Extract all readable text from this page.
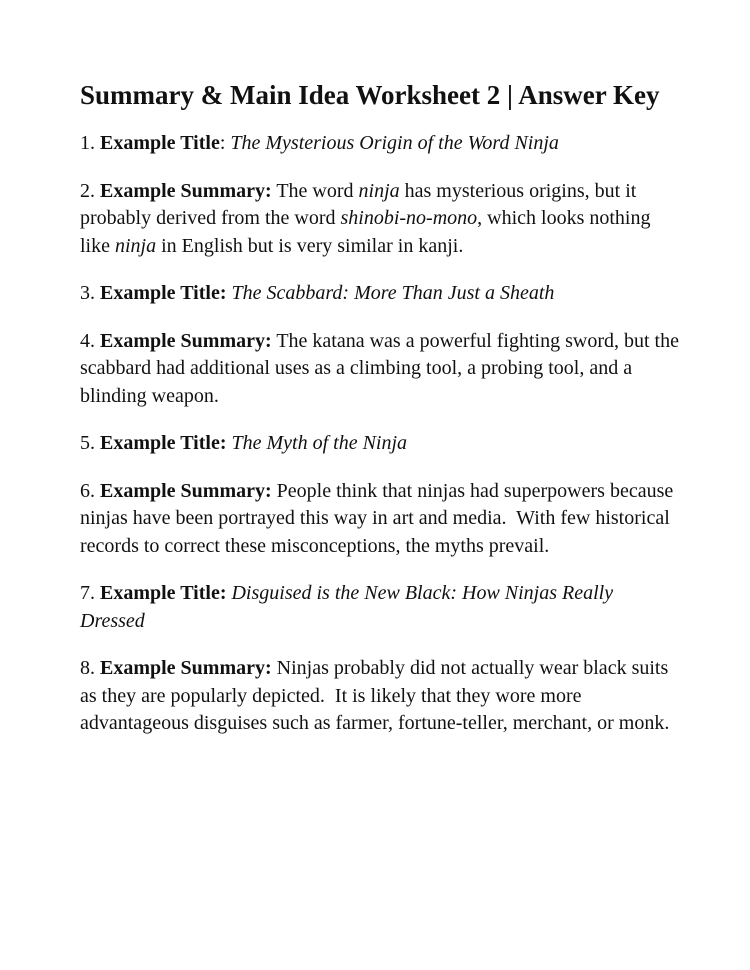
Summary & Main Idea Worksheet 2 | Answer Key

1. Example Title: The Mysterious Origin of the Word Ninja

2. Example Summary: The word ninja has mysterious origins, but it probably derived from the word shinobi-no-mono, which looks nothing like ninja in English but is very similar in kanji.

3. Example Title: The Scabbard: More Than Just a Sheath

4. Example Summary: The katana was a powerful fighting sword, but the scabbard had additional uses as a climbing tool, a probing tool, and a blinding weapon.

5. Example Title: The Myth of the Ninja

6. Example Summary: People think that ninjas had superpowers because ninjas have been portrayed this way in art and media.  With few historical records to correct these misconceptions, the myths prevail.

7. Example Title: Disguised is the New Black: How Ninjas Really Dressed

8. Example Summary: Ninjas probably did not actually wear black suits as they are popularly depicted.  It is likely that they wore more advantageous disguises such as farmer, fortune-teller, merchant, or monk.
